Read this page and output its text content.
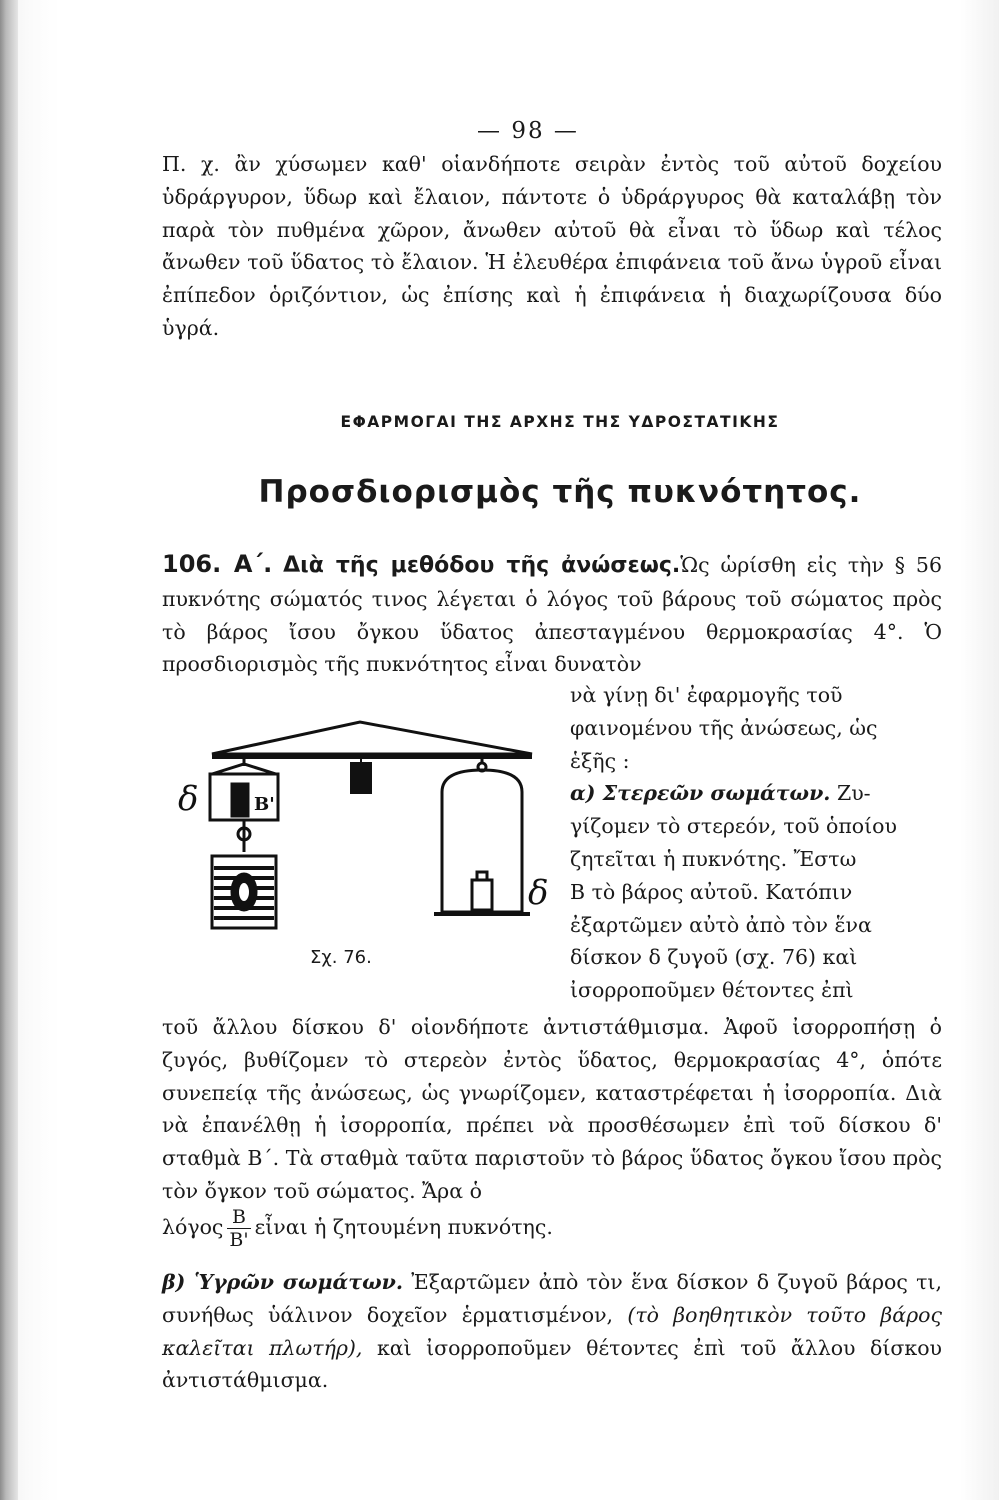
— 98 —

Π. χ. ἂν χύσωμεν καθ' οἱανδήποτε σειρὰν ἐντὸς τοῦ αὐτοῦ δοχείου ὑδράργυρον, ὕδωρ καὶ ἔλαιον, πάντοτε ὁ ὑδράργυρος θὰ καταλάβῃ τὸν παρὰ τὸν πυθμένα χῶρον, ἄνωθεν αὐτοῦ θὰ εἶναι τὸ ὕδωρ καὶ τέλος ἄνωθεν τοῦ ὕδατος τὸ ἔλαιον. Ἡ ἐλευθέρα ἐπιφάνεια τοῦ ἄνω ὑγροῦ εἶναι ἐπίπεδον ὁριζόντιον, ὡς ἐπίσης καὶ ἡ ἐπιφάνεια ἡ διαχωρίζουσα δύο ὑγρά.

ΕΦΑΡΜΟΓΑΙ ΤΗΣ ΑΡΧΗΣ ΤΗΣ ΥΔΡΟΣΤΑΤΙΚΗΣ
Προσδιορισμὸς τῆς πυκνότητος.

106. Α΄. Διὰ τῆς μεθόδου τῆς ἀνώσεως.Ὡς ὡρίσθη εἰς τὴν § 56 πυκνότης σώματός τινος λέγεται ὁ λόγος τοῦ βάρους τοῦ σώματος πρὸς τὸ βάρος ἴσου ὄγκου ὕδατος ἀπεσταγμένου θερμοκρασίας 4°. Ὁ προσδιορισμὸς τῆς πυκνότητος εἶναι δυνατὸν

νὰ γίνῃ δι' ἐφαρμογῆς τοῦ
φαινομένου τῆς ἀνώσεως, ὡς
ἑξῆς :
α) Στερεῶν σωμάτων. Ζυ-
γίζομεν τὸ στερεόν, τοῦ ὁποίου
ζητεῖται ἡ πυκνότης. Ἔστω
Β τὸ βάρος αὐτοῦ. Κατόπιν
ἐξαρτῶμεν αὐτὸ ἀπὸ τὸν ἕνα
δίσκον δ ζυγοῦ (σχ. 76) καὶ
ἰσορροποῦμεν θέτοντες ἐπὶ
δ	Β'
δ
Σχ. 76.

τοῦ ἄλλου δίσκου δ' οἱονδήποτε ἀντιστάθμισμα. Ἀφοῦ ἰσορροπήσῃ ὁ ζυγός, βυθίζομεν τὸ στερεὸν ἐντὸς ὕδατος, θερμοκρασίας 4°, ὁπότε συνεπείᾳ τῆς ἀνώσεως, ὡς γνωρίζομεν, καταστρέφεται ἡ ἰσορροπία. Διὰ νὰ ἐπανέλθῃ ἡ ἰσορροπία, πρέπει νὰ προσθέσωμεν ἐπὶ τοῦ δίσκου δ' σταθμὰ Β΄. Τὰ σταθμὰ ταῦτα παριστοῦν τὸ βάρος ὕδατος ὄγκου ἴσου πρὸς τὸν ὄγκον τοῦ σώματος. Ἄρα ὁ

λόγος $\frac{B}{B'}$ εἶναι ἡ ζητουμένη πυκνότης.

β) Ὑγρῶν σωμάτων. Ἐξαρτῶμεν ἀπὸ τὸν ἕνα δίσκον δ ζυγοῦ βάρος τι, συνήθως ὑάλινον δοχεῖον ἑρματισμένον, (τὸ βοηθητικὸν τοῦτο βάρος καλεῖται πλωτήρ), καὶ ἰσορροποῦμεν θέτοντες ἐπὶ τοῦ ἄλλου δίσκου ἀντιστάθμισμα.
